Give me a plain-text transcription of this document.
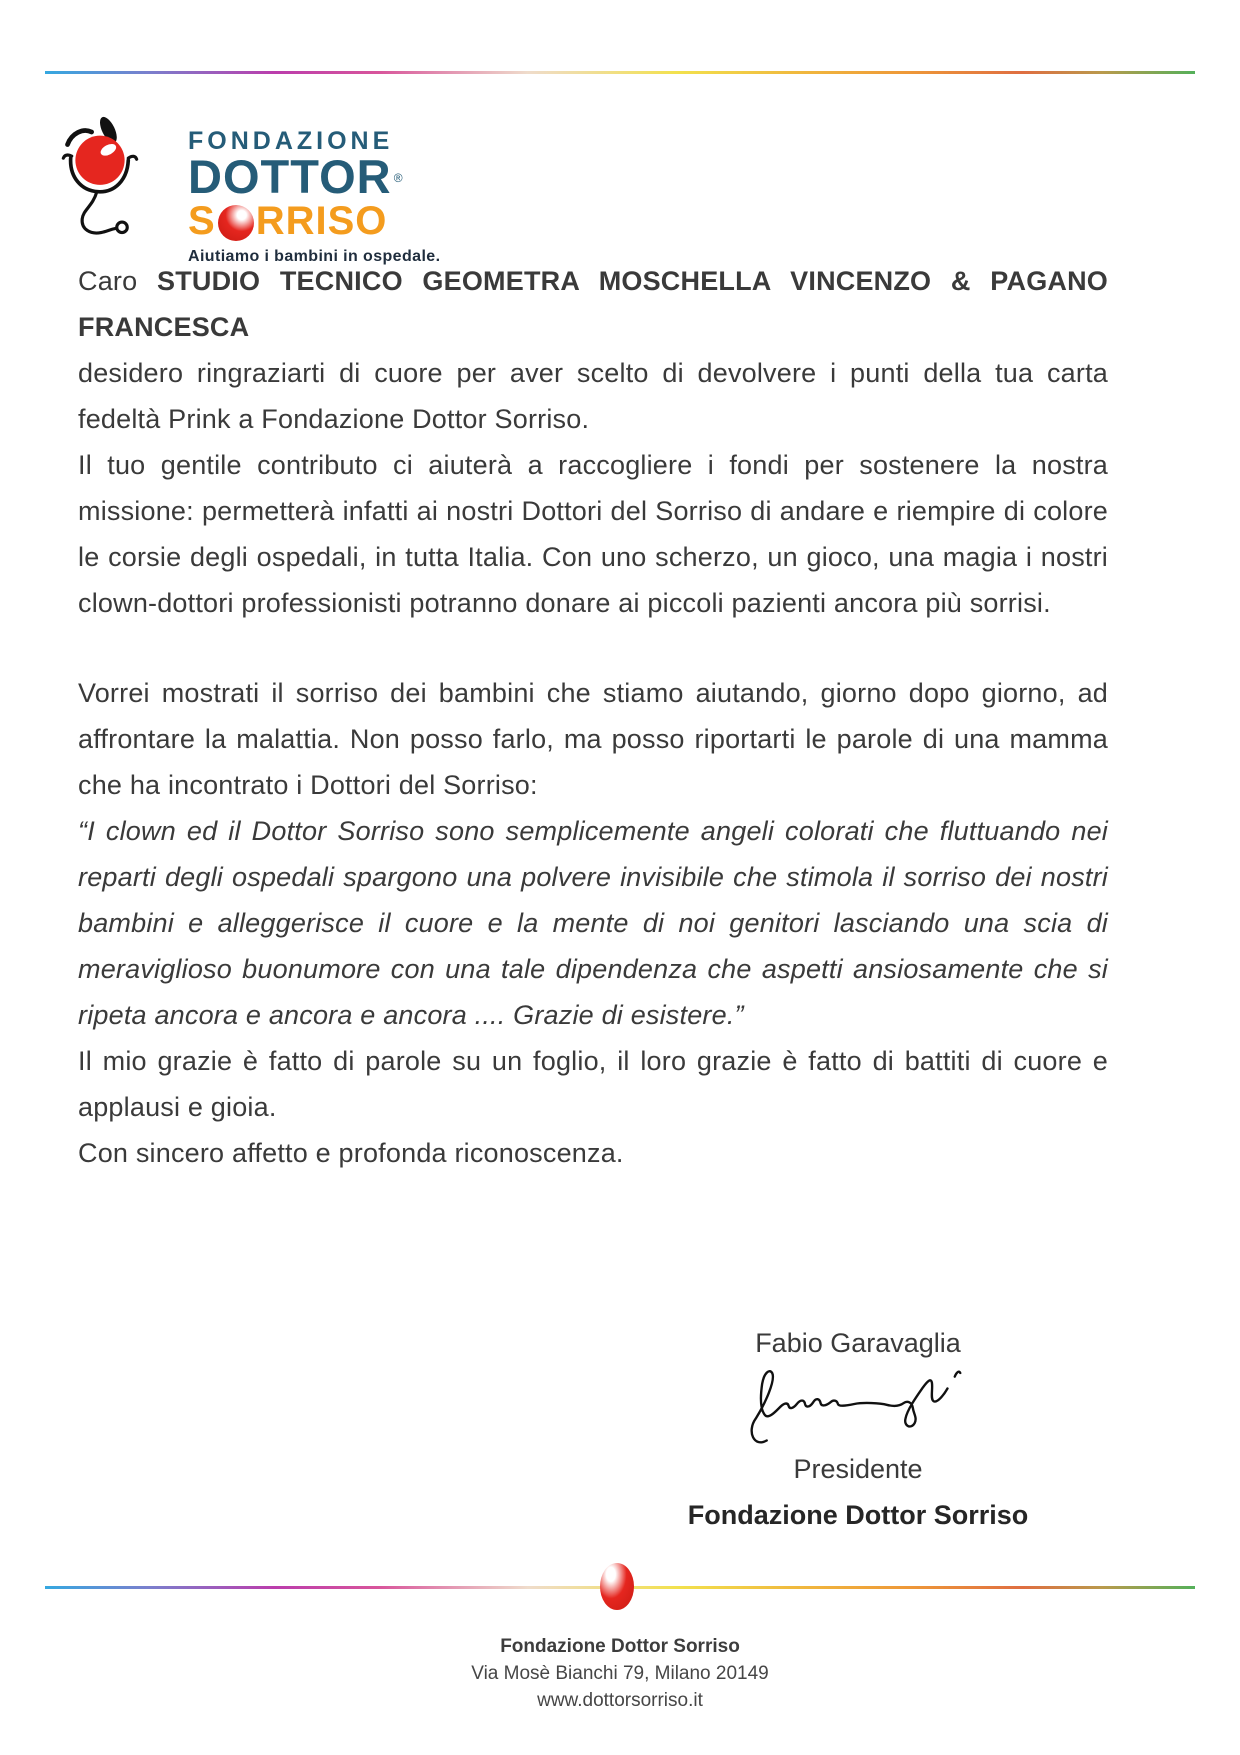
FONDAZIONE
DOTTOR ®
S RRISO
Aiutiamo i bambini in ospedale.

Caro STUDIO TECNICO GEOMETRA MOSCHELLA VINCENZO & PAGANO FRANCESCA

desidero ringraziarti di cuore per aver scelto di devolvere i punti della tua carta fedeltà Prink a Fondazione Dottor Sorriso.

Il tuo gentile contributo ci aiuterà a raccogliere i fondi per sostenere la nostra missione: permetterà infatti ai nostri Dottori del Sorriso di andare e riempire di colore le corsie degli ospedali, in tutta Italia. Con uno scherzo, un gioco, una magia i nostri clown-dottori professionisti potranno donare ai piccoli pazienti ancora più sorrisi.

Vorrei mostrati il sorriso dei bambini che stiamo aiutando, giorno dopo giorno, ad affrontare la malattia. Non posso farlo, ma posso riportarti le parole di una mamma che ha incontrato i Dottori del Sorriso:

“I clown ed il Dottor Sorriso sono semplicemente angeli colorati che fluttuando nei reparti degli ospedali spargono una polvere invisibile che stimola il sorriso dei nostri bambini e alleggerisce il cuore e la mente di noi genitori lasciando una scia di meraviglioso buonumore con una tale dipendenza che aspetti ansiosamente che si ripeta ancora e ancora e ancora .... Grazie di esistere.”

Il mio grazie è fatto di parole su un foglio, il loro grazie è fatto di battiti di cuore e applausi e gioia.

Con sincero affetto e profonda riconoscenza.

Fabio Garavaglia
Presidente
Fondazione Dottor Sorriso
Fondazione Dottor Sorriso
Via Mosè Bianchi 79, Milano 20149
www.dottorsorriso.it
